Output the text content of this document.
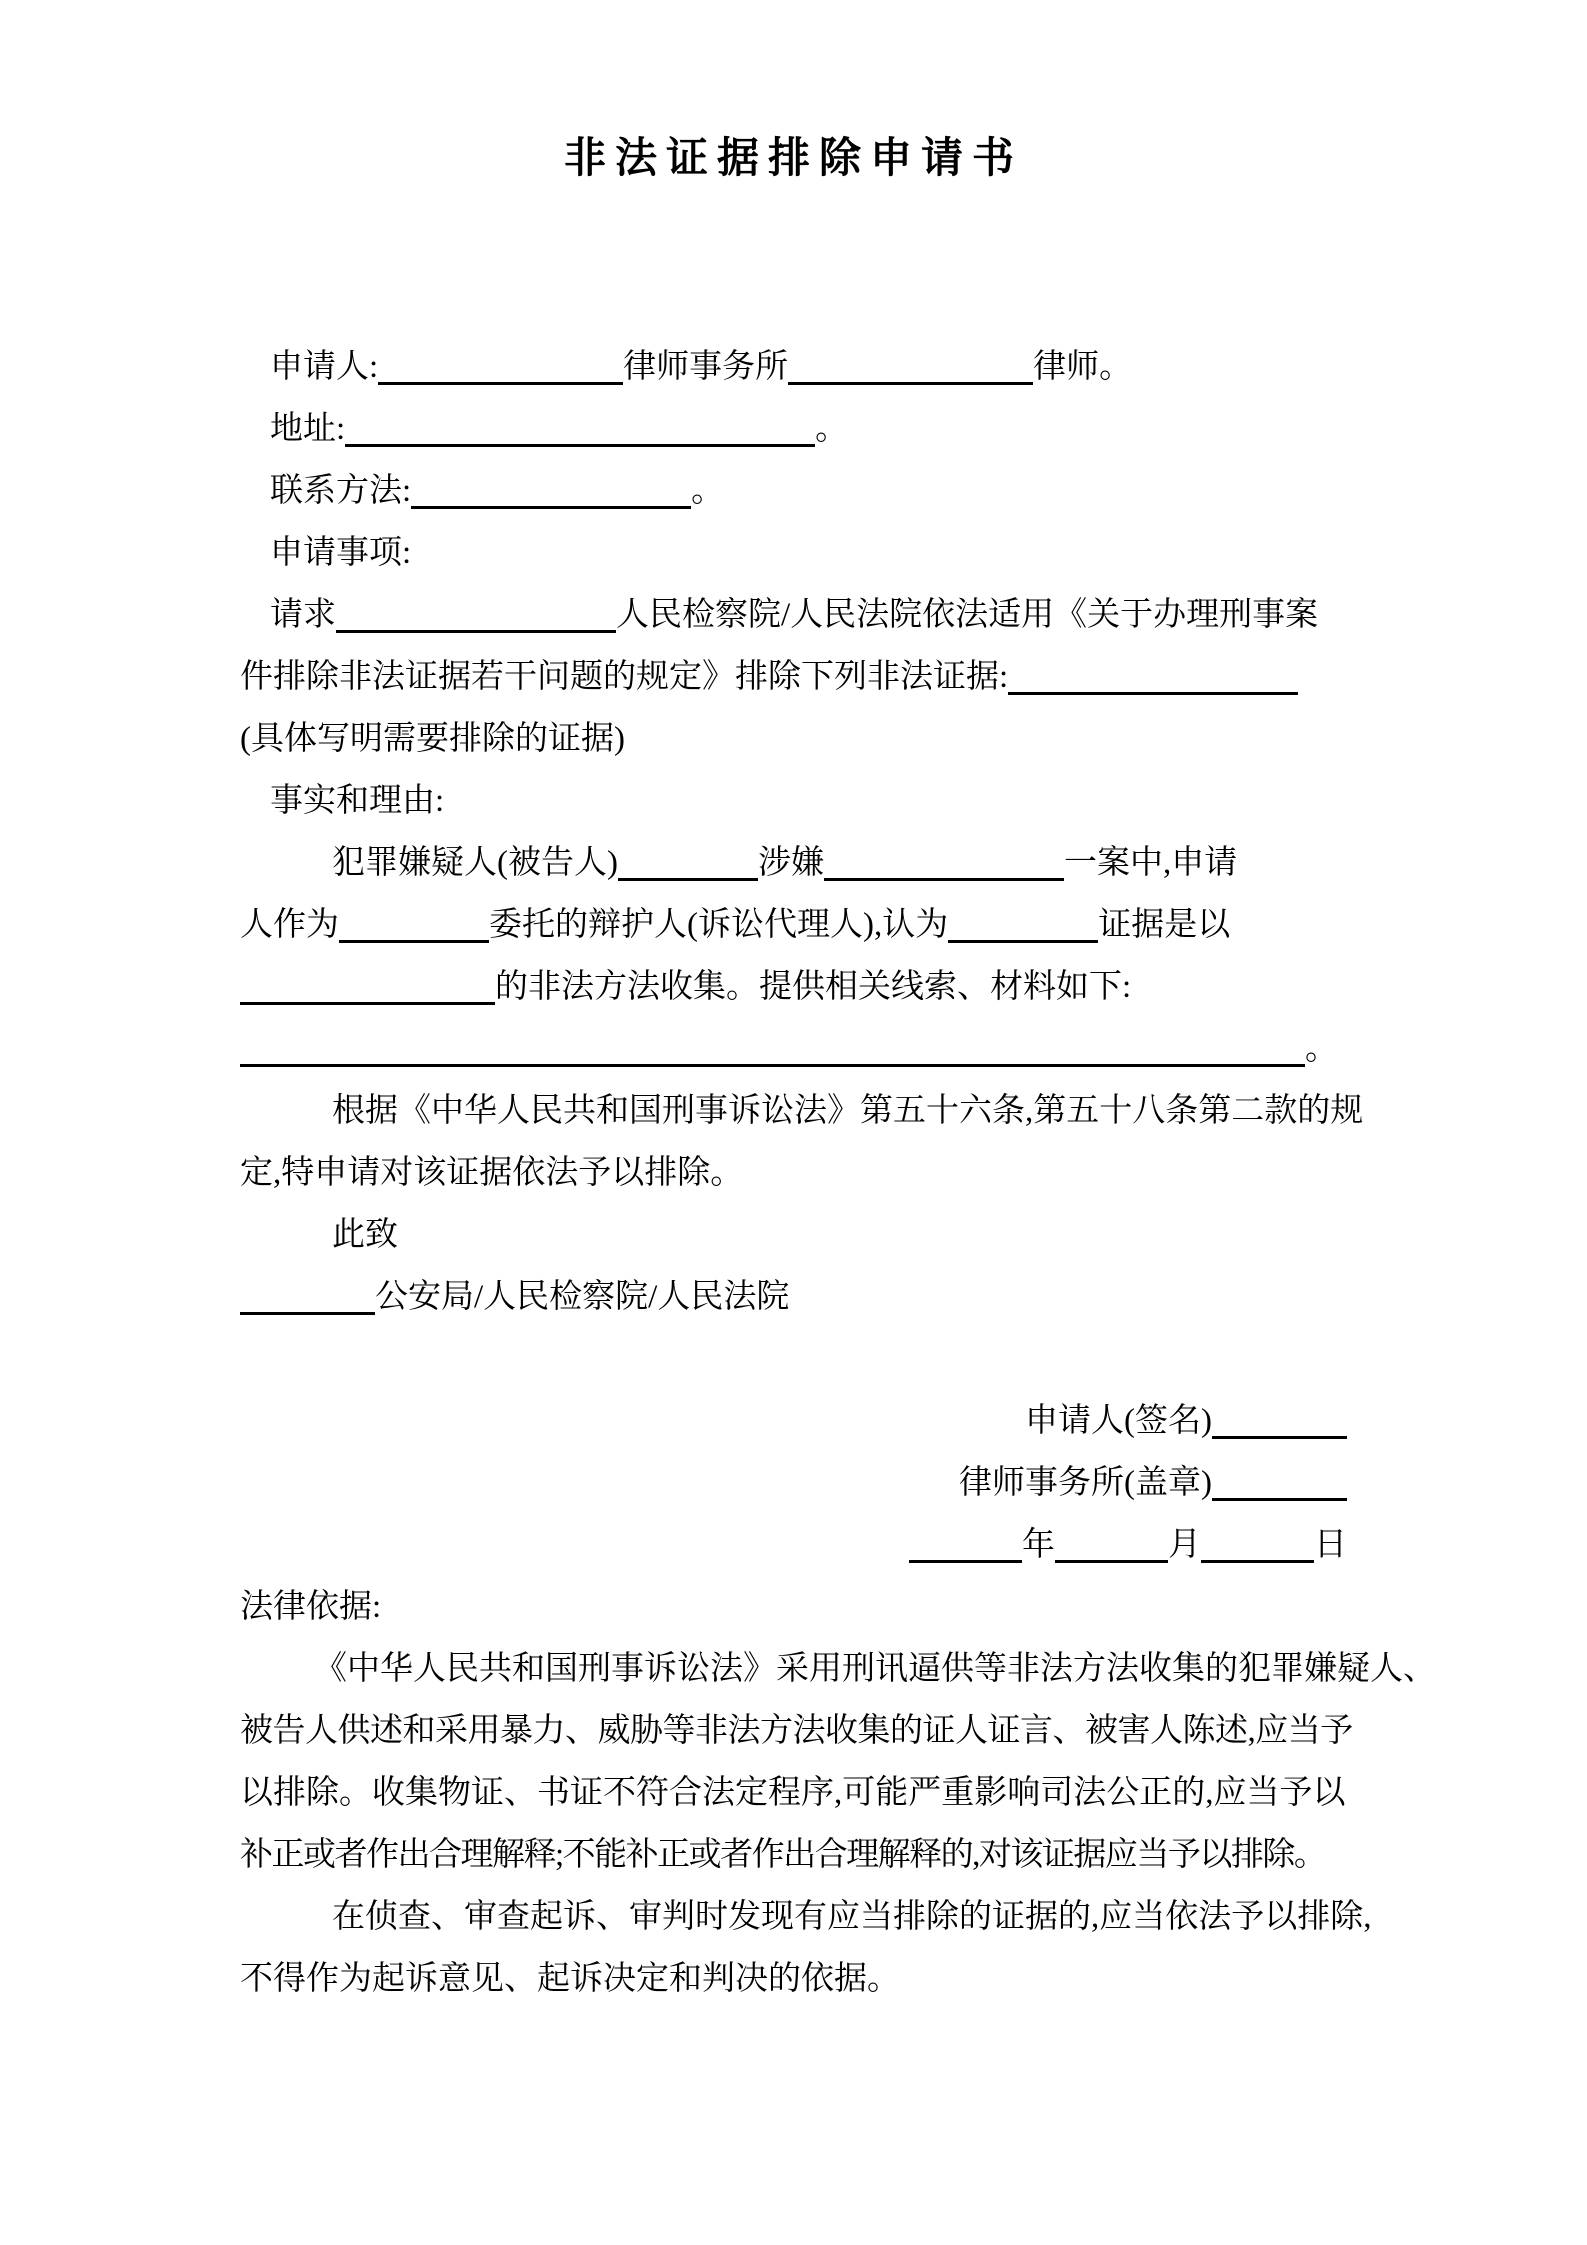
非法证据排除申请书
申请人:	律师事务所	律师。
地址:	。
联系方法:	。
申请事项:
请求	人民检察院/人民法院依法适用《关于办理刑事案
件排除非法证据若干问题的规定》排除下列非法证据:
(具体写明需要排除的证据)
事实和理由:
犯罪嫌疑人(被告人)	涉嫌	一案中,申请
人作为	委托的辩护人(诉讼代理人),认为	证据是以
的非法方法收集。提供相关线索、材料如下:
。
根据《中华人民共和国刑事诉讼法》第五十六条,第五十八条第二款的规
定,特申请对该证据依法予以排除。
此致
公安局/人民检察院/人民法院
申请人(签名)
律师事务所(盖章)
年	月	日
法律依据:
《中华人民共和国刑事诉讼法》采用刑讯逼供等非法方法收集的犯罪嫌疑人、
被告人供述和采用暴力、威胁等非法方法收集的证人证言、被害人陈述,应当予
以排除。收集物证、书证不符合法定程序,可能严重影响司法公正的,应当予以
补正或者作出合理解释;不能补正或者作出合理解释的,对该证据应当予以排除。
在侦查、审查起诉、审判时发现有应当排除的证据的,应当依法予以排除,
不得作为起诉意见、起诉决定和判决的依据。
